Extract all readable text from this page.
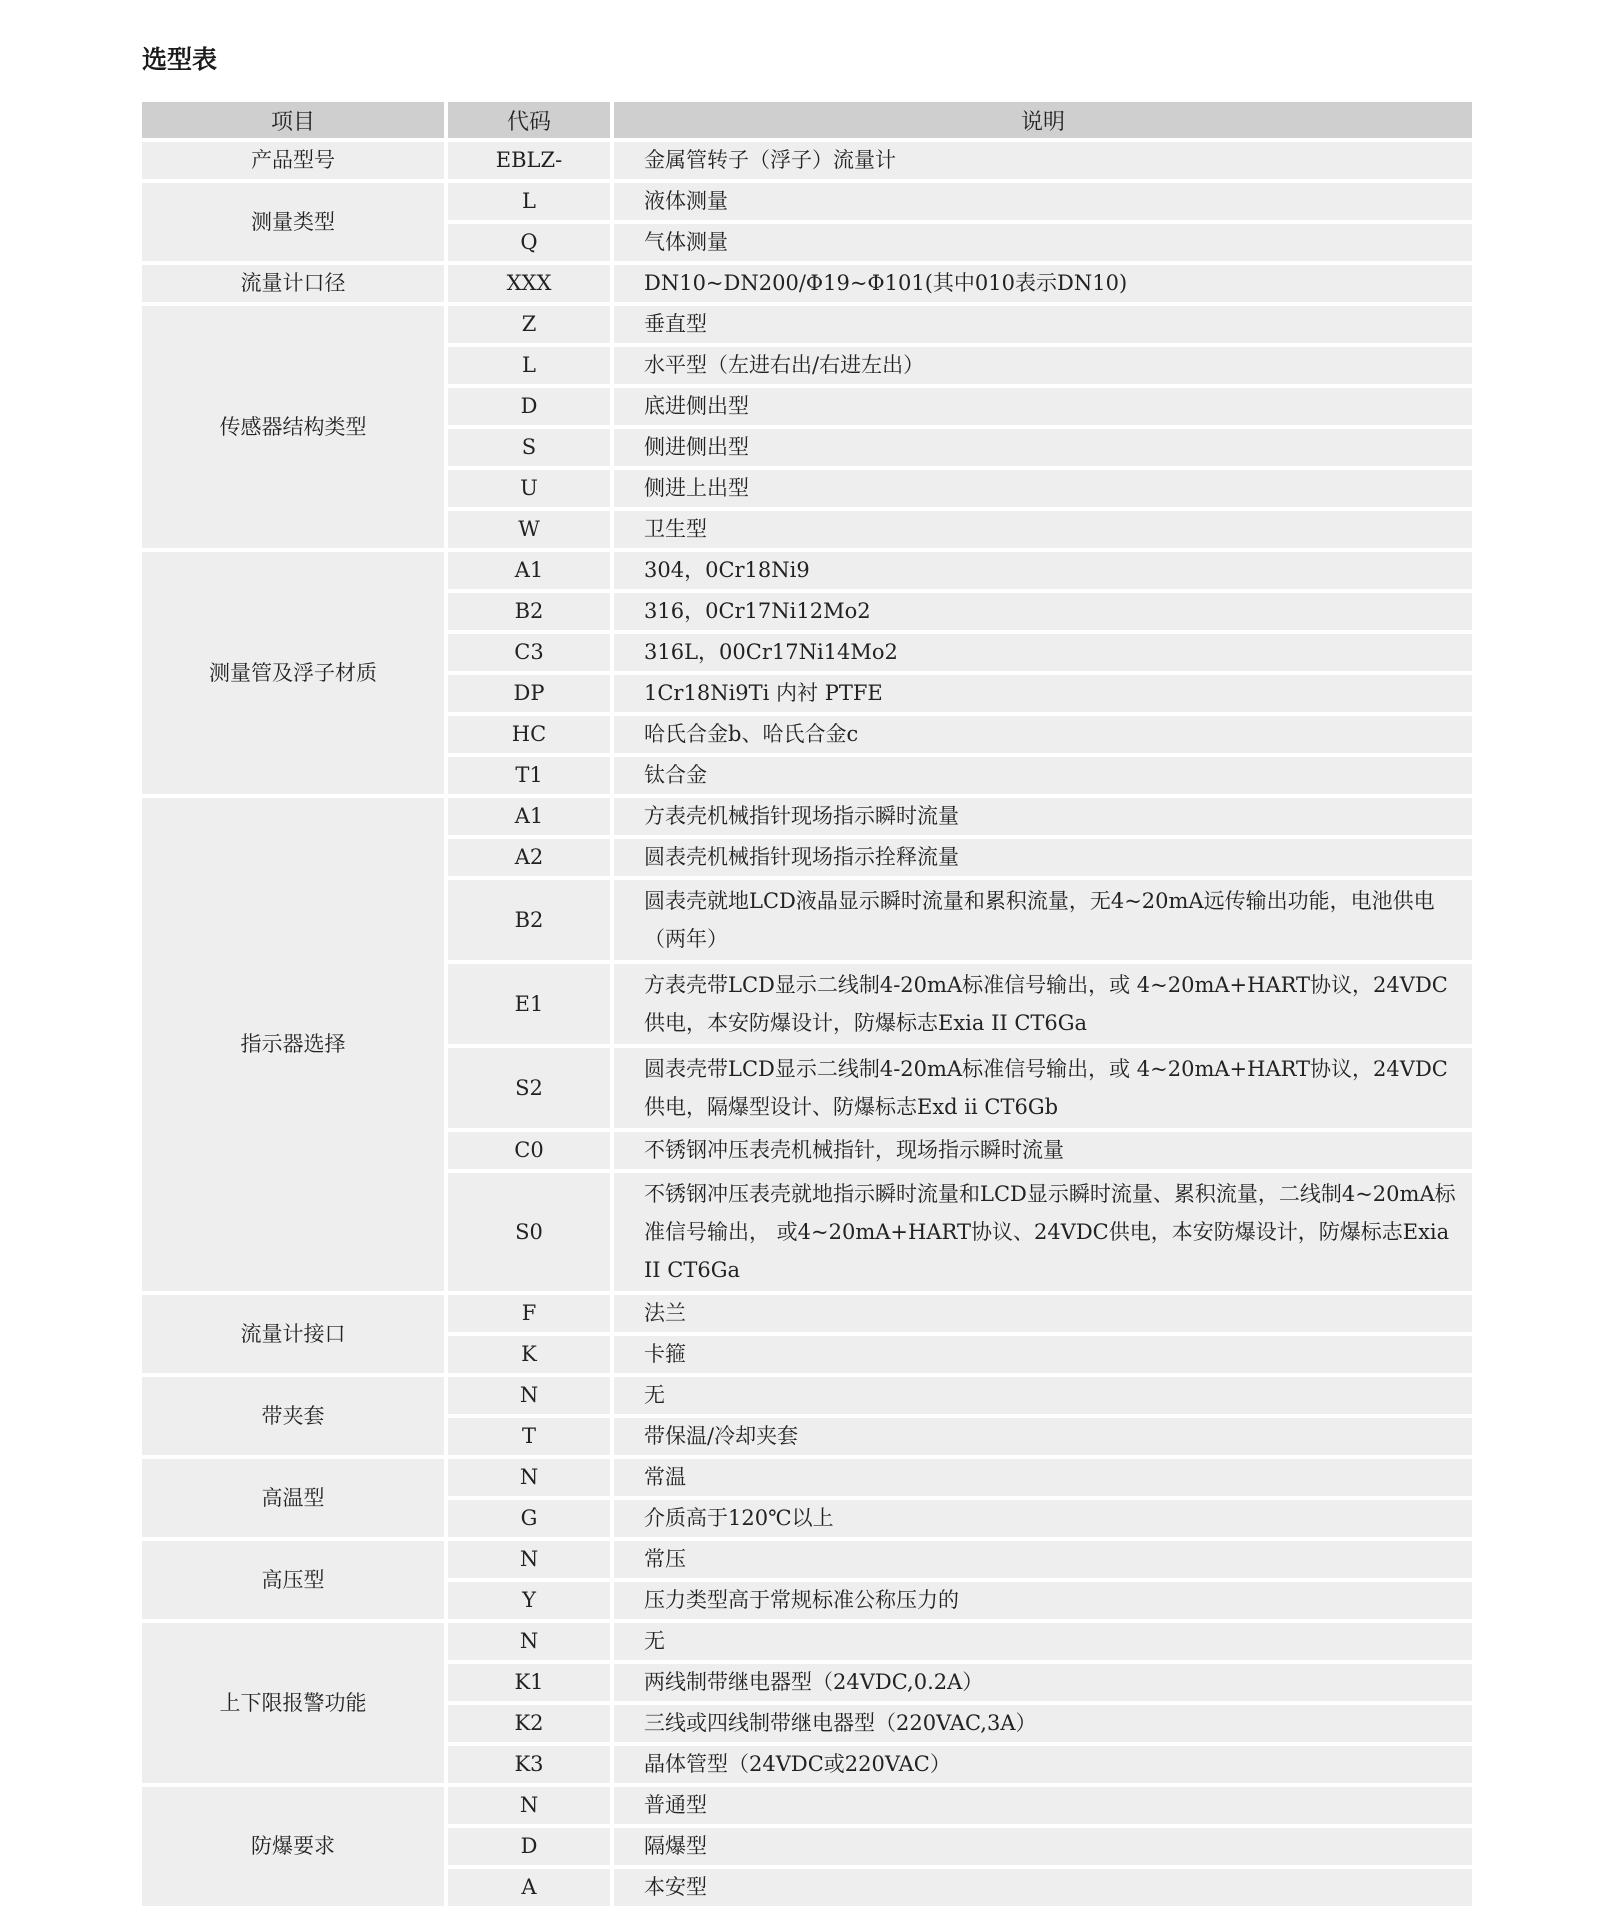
选型表
项目	代码	说明
产品型号	EBLZ-	金属管转子（浮子）流量计
测量类型	L	液体测量
	Q	气体测量
流量计口径	XXX	DN10~DN200/Φ19~Φ101(其中010表示DN10)
传感器结构类型	Z	垂直型
	L	水平型（左进右出/右进左出）
	D	底进侧出型
	S	侧进侧出型
	U	侧进上出型
	W	卫生型
测量管及浮子材质	A1	304，0Cr18Ni9
	B2	316，0Cr17Ni12Mo2
	C3	316L，00Cr17Ni14Mo2
	DP	1Cr18Ni9Ti 内衬 PTFE
	HC	哈氏合金b、哈氏合金c
	T1	钛合金
指示器选择	A1	方表壳机械指针现场指示瞬时流量
	A2	圆表壳机械指针现场指示拴释流量
	B2	圆表壳就地LCD液晶显示瞬时流量和累积流量，无4~20mA远传输出功能，电池供电（两年）
	E1	方表壳带LCD显示二线制4-20mA标准信号输出，或 4~20mA+HART协议，24VDC供电，本安防爆设计，防爆标志Exia II CT6Ga
	S2	圆表壳带LCD显示二线制4-20mA标准信号输出，或 4~20mA+HART协议，24VDC供电，隔爆型设计、防爆标志Exd ii CT6Gb
	C0	不锈钢冲压表壳机械指针，现场指示瞬时流量
	S0	不锈钢冲压表壳就地指示瞬时流量和LCD显示瞬时流量、累积流量，二线制4~20mA标准信号输出， 或4~20mA+HART协议、24VDC供电，本安防爆设计，防爆标志Exia II CT6Ga
流量计接口	F	法兰
	K	卡箍
带夹套	N	无
	T	带保温/冷却夹套
高温型	N	常温
	G	介质高于120℃以上
高压型	N	常压
	Y	压力类型高于常规标准公称压力的
上下限报警功能	N	无
	K1	两线制带继电器型（24VDC,0.2A）
	K2	三线或四线制带继电器型（220VAC,3A）
	K3	晶体管型（24VDC或220VAC）
防爆要求	N	普通型
	D	隔爆型
	A	本安型
